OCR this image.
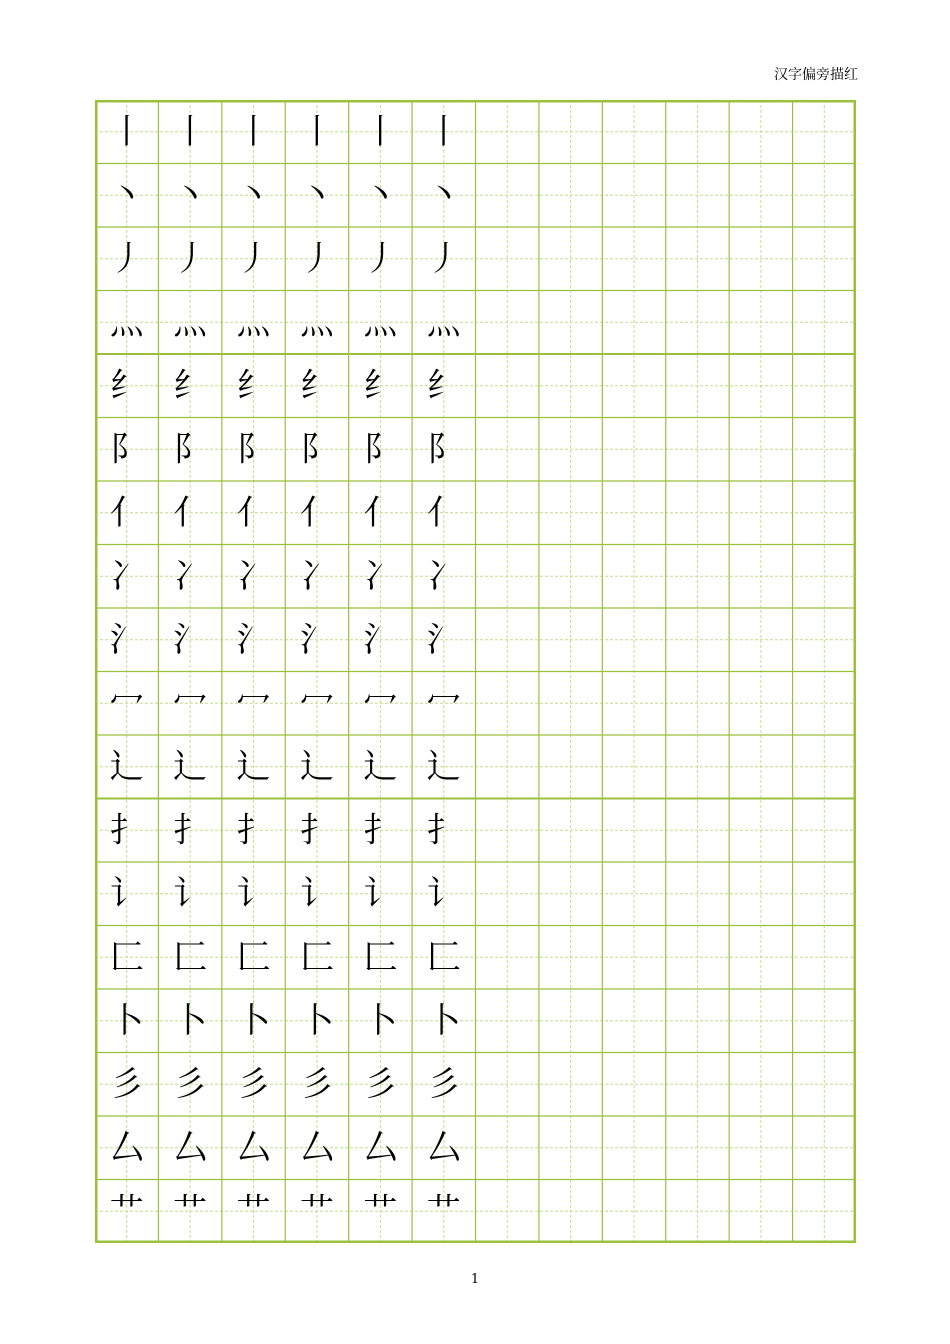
汉字偏旁描红
丨 丨 丨 丨 丨 丨
丶 丶 丶 丶 丶 丶
丿 丿 丿 丿 丿 丿
灬 灬 灬 灬 灬 灬
纟 纟 纟 纟 纟 纟
阝 阝 阝 阝 阝 阝
亻 亻 亻 亻 亻 亻
冫 冫 冫 冫 冫 冫
氵 氵 氵 氵 氵 氵
冖 冖 冖 冖 冖 冖
辶 辶 辶 辶 辶 辶
扌 扌 扌 扌 扌 扌
讠 讠 讠 讠 讠 讠
匚 匚 匚 匚 匚 匚
卜 卜 卜 卜 卜 卜
彡 彡 彡 彡 彡 彡
厶 厶 厶 厶 厶 厶
艹 艹 艹 艹 艹 艹
1
